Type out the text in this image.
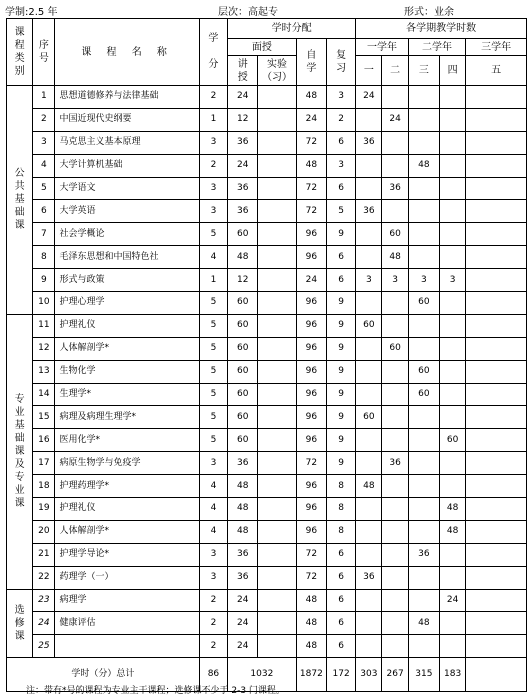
学制:2.5 年	层次：高起专	形式：业余
课程类别	序号	课 程 名 称	学分	学时分配				各学期教学时数				
				面授		自学	复习	一学年		二学年		三学年
				讲授	实验（习）			一	二	三	四	五
公共基础课	1	思想道德修养与法律基础	2	24		48	3	24				
	2	中国近现代史纲要	1	12		24	2		24			
	3	马克思主义基本原理	3	36		72	6	36				
	4	大学计算机基础	2	24		48	3			48		
	5	大学语文	3	36		72	6		36			
	6	大学英语	3	36		72	5	36				
	7	社会学概论	5	60		96	9		60			
	8	毛泽东思想和中国特色社	4	48		96	6		48			
	9	形式与政策	1	12		24	6	3	3	3	3	
	10	护理心理学	5	60		96	9			60		
专业基础课及专业课	11	护理礼仪	5	60		96	9	60				
	12	人体解剖学*	5	60		96	9		60			
	13	生物化学	5	60		96	9			60		
	14	生理学*	5	60		96	9			60		
	15	病理及病理生理学*	5	60		96	9	60				
	16	医用化学*	5	60		96	9				60	
	17	病原生物学与免疫学	3	36		72	9		36			
	18	护理药理学*	4	48		96	8	48				
	19	护理礼仪	4	48		96	8				48	
	20	人体解剖学*	4	48		96	8				48	
	21	护理学导论*	3	36		72	6			36		
	22	药理学（一）	3	36		72	6	36				
选修课	23	病理学	2	24		48	6				24	
	24	健康评估	2	24		48	6			48		
	25		2	24		48	6					
学时（分）总计			86	1032		1872	172	303	267	315	183	
注：带有*号的课程为专业主干课程；选修课不少于 2-3 门课程。
